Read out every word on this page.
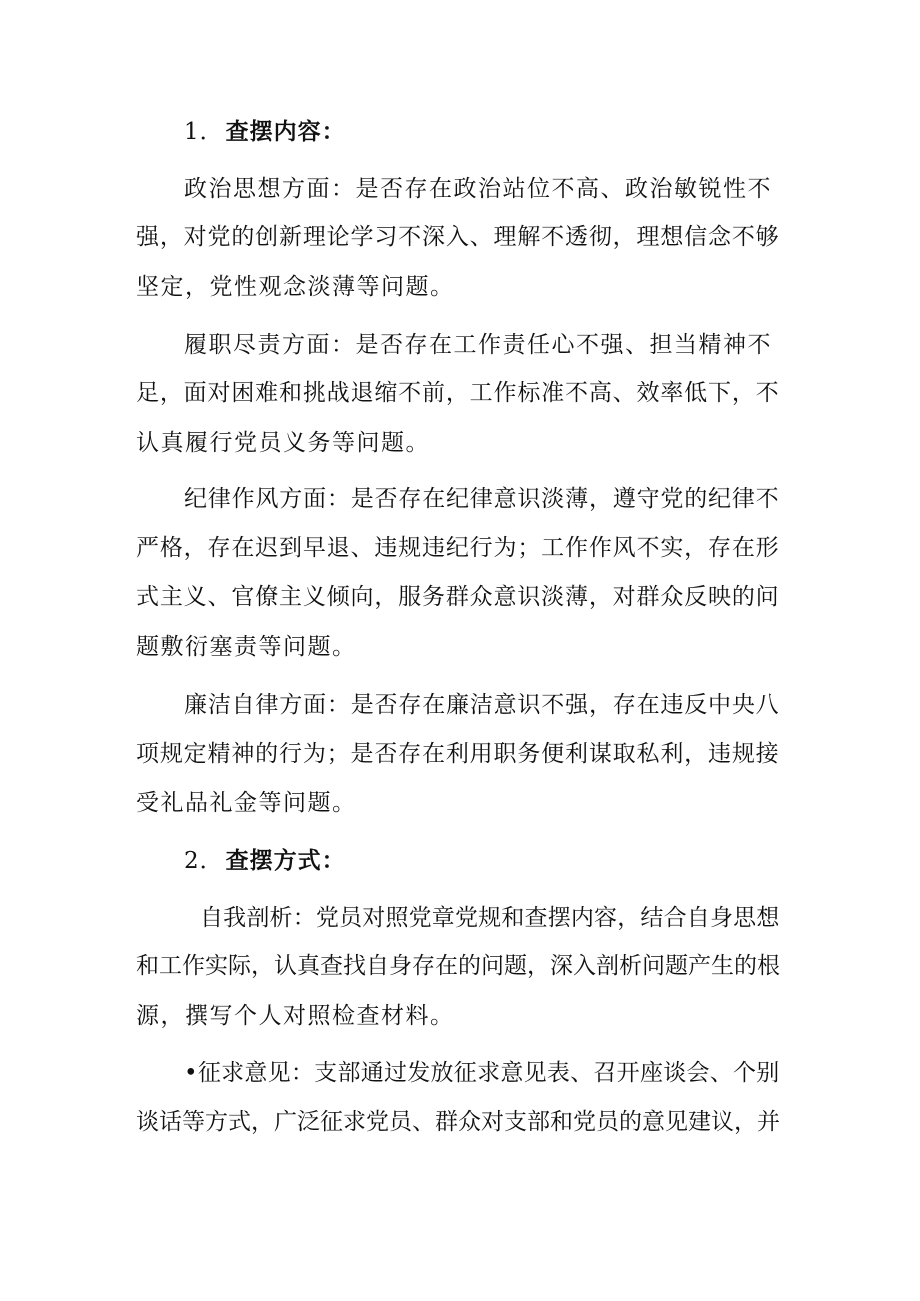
1．查摆内容：
政治思想方面：是否存在政治站位不高、政治敏锐性不
强，对党的创新理论学习不深入、理解不透彻，理想信念不够
坚定，党性观念淡薄等问题。
履职尽责方面：是否存在工作责任心不强、担当精神不
足，面对困难和挑战退缩不前，工作标准不高、效率低下，不
认真履行党员义务等问题。
纪律作风方面：是否存在纪律意识淡薄，遵守党的纪律不
严格，存在迟到早退、违规违纪行为；工作作风不实，存在形
式主义、官僚主义倾向，服务群众意识淡薄，对群众反映的问
题敷衍塞责等问题。
廉洁自律方面：是否存在廉洁意识不强，存在违反中央八
项规定精神的行为；是否存在利用职务便利谋取私利，违规接
受礼品礼金等问题。
2．查摆方式：
自我剖析：党员对照党章党规和查摆内容，结合自身思想
和工作实际，认真查找自身存在的问题，深入剖析问题产生的根
源，撰写个人对照检查材料。
•征求意见：支部通过发放征求意见表、召开座谈会、个别
谈话等方式，广泛征求党员、群众对支部和党员的意见建议，并
